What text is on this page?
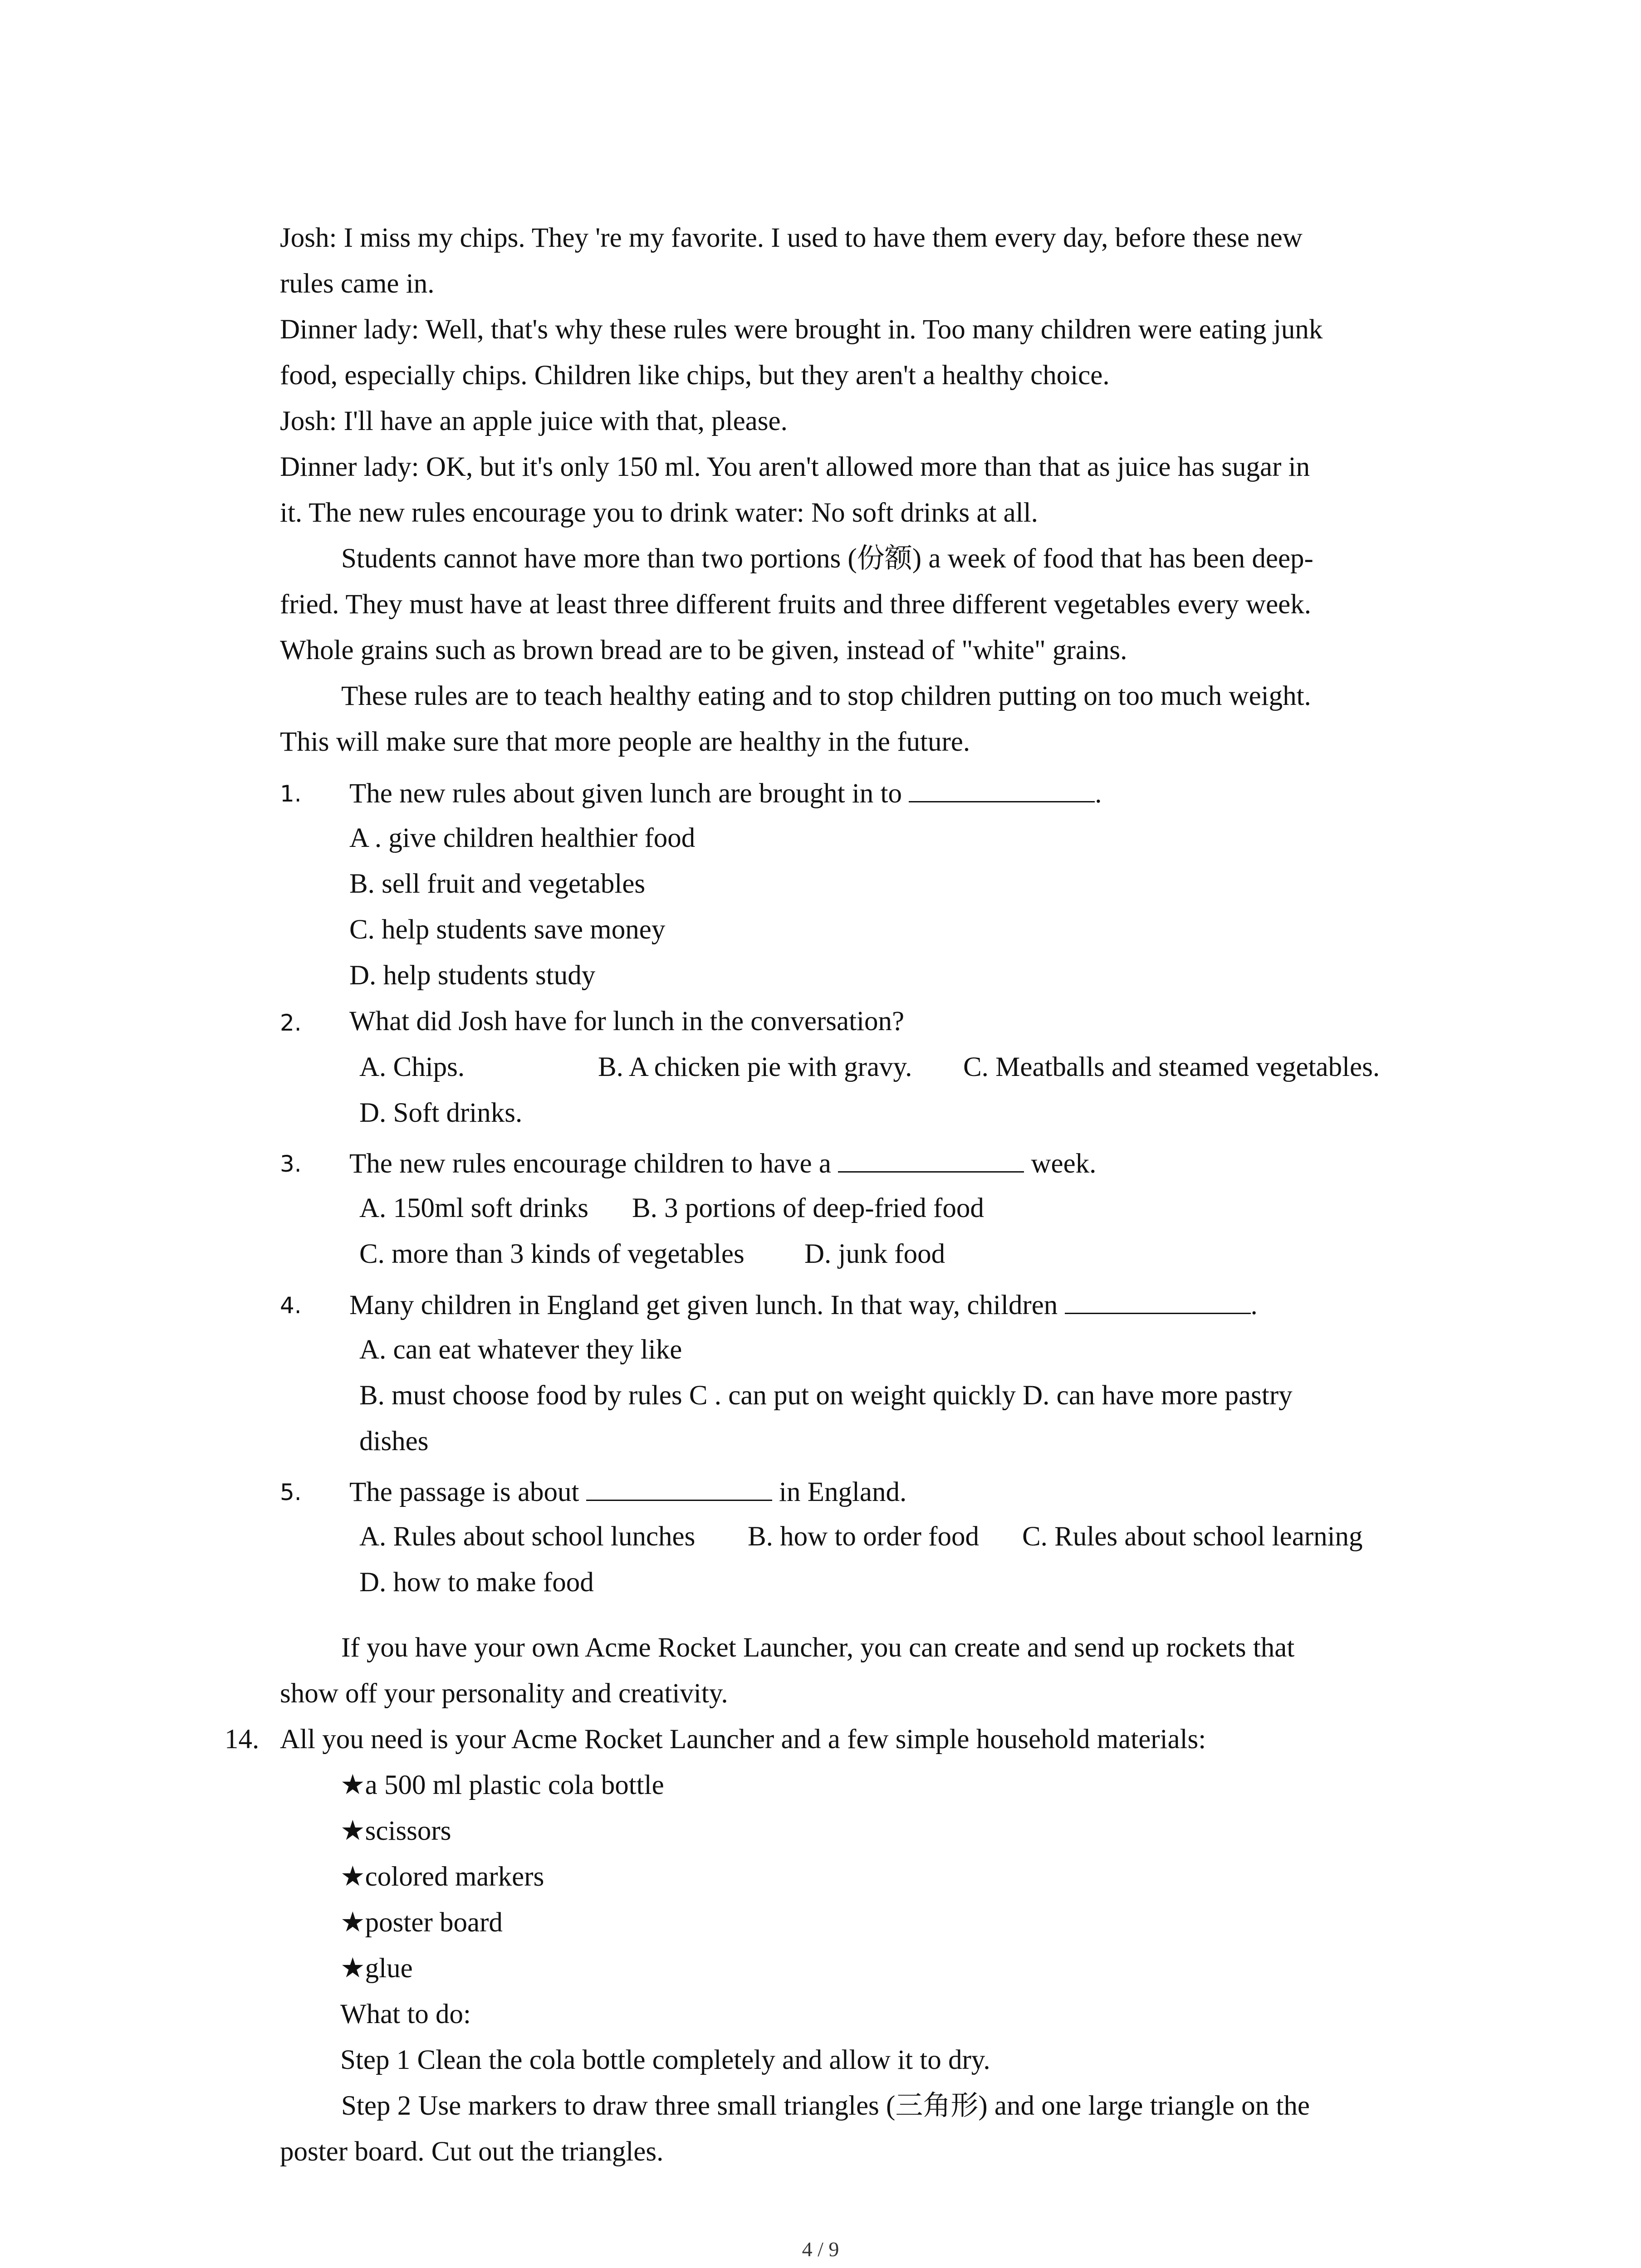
Josh: I miss my chips. They 're my favorite. I used to have them every day, before these new
rules came in.
Dinner lady: Well, that's why these rules were brought in. Too many children were eating junk
food, especially chips. Children like chips, but they aren't a healthy choice.
Josh: I'll have an apple juice with that, please.
Dinner lady: OK, but it's only 150 ml. You aren't allowed more than that as juice has sugar in
it. The new rules encourage you to drink water: No soft drinks at all.
Students cannot have more than two portions (份额) a week of food that has been deep-
fried. They must have at least three different fruits and three different vegetables every week.
Whole grains such as brown bread are to be given, instead of "white" grains.
These rules are to teach healthy eating and to stop children putting on too much weight.
This will make sure that more people are healthy in the future.
1. The new rules about given lunch are brought in to	.
A . give children healthier food
B. sell fruit and vegetables
C. help students save money
D. help students study
2. What did Josh have for lunch in the conversation?
A. Chips.	B. A chicken pie with gravy. C. Meatballs and steamed vegetables.
D. Soft drinks.
3. The new rules encourage children to have a	week.
A. 150ml soft drinks B. 3 portions of deep-fried food
C. more than 3 kinds of vegetables D. junk food
4. Many children in England get given lunch. In that way, children	.
A. can eat whatever they like
B. must choose food by rules C . can put on weight quickly D. can have more pastry
dishes
5. The passage is about	in England.
A. Rules about school lunches B. how to order food C. Rules about school learning
D. how to make food
If you have your own Acme Rocket Launcher, you can create and send up rockets that
show off your personality and creativity.
14. All you need is your Acme Rocket Launcher and a few simple household materials:
★a 500 ml plastic cola bottle
★scissors
★colored markers
★poster board
★glue
What to do:
Step 1 Clean the cola bottle completely and allow it to dry.
Step 2 Use markers to draw three small triangles (三角形) and one large triangle on the
poster board. Cut out the triangles.
4 / 9
